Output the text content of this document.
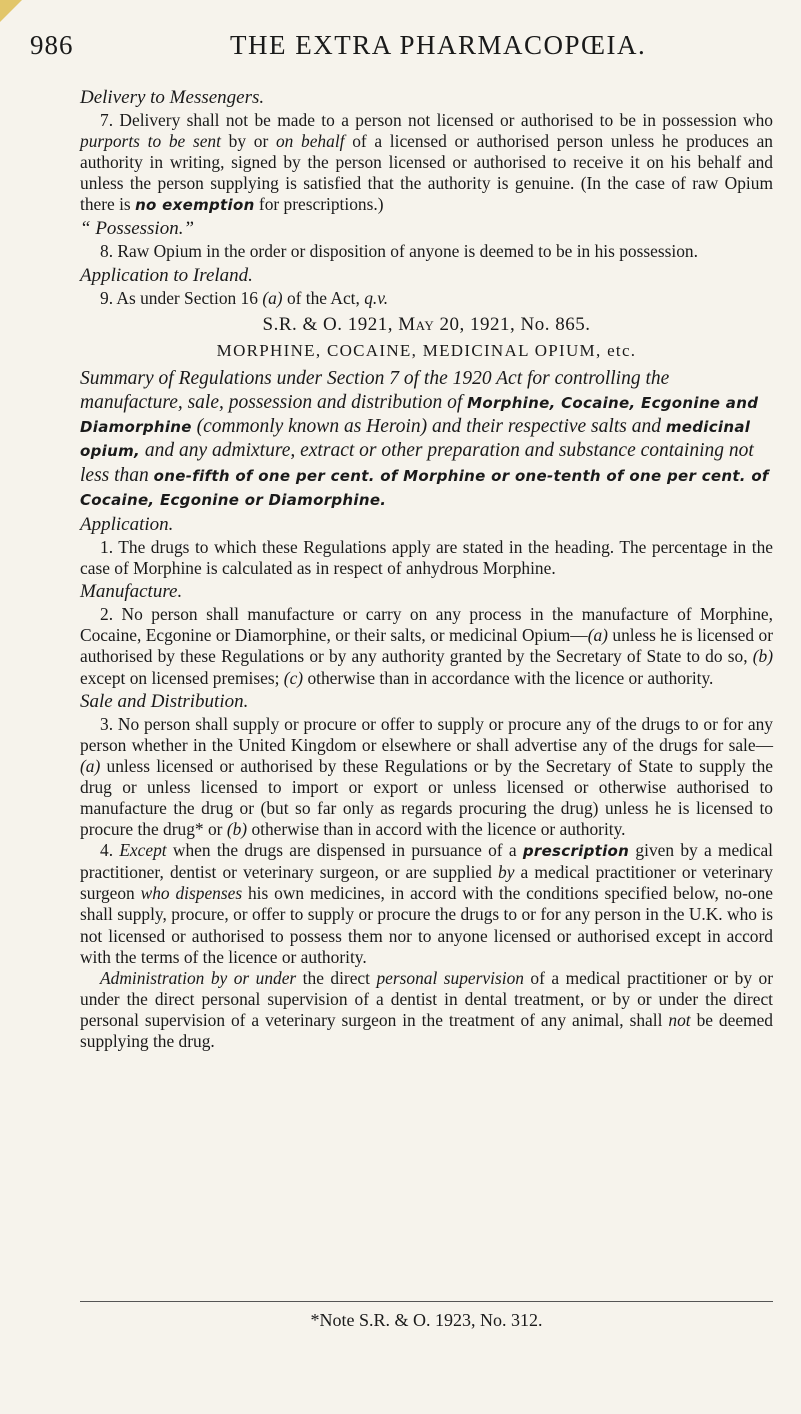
986	THE EXTRA PHARMACOPŒIA.

Delivery to Messengers.

7. Delivery shall not be made to a person not licensed or authorised to be in possession who purports to be sent by or on behalf of a licensed or authorised person unless he produces an authority in writing, signed by the person licensed or authorised to receive it on his behalf and unless the person supplying is satisfied that the authority is genuine. (In the case of raw Opium there is no exemption for prescriptions.)

“ Possession.”

8. Raw Opium in the order or disposition of anyone is deemed to be in his possession.

Application to Ireland.

9. As under Section 16 (a) of the Act, q.v.

S.R. & O. 1921, May 20, 1921, No. 865.

MORPHINE, COCAINE, MEDICINAL OPIUM, etc.

Summary of Regulations under Section 7 of the 1920 Act for controlling the manufacture, sale, possession and distribution of Morphine, Cocaine, Ecgonine and Diamorphine (commonly known as Heroin) and their respective salts and medicinal opium, and any admixture, extract or other preparation and substance containing not less than one-fifth of one per cent. of Morphine or one-tenth of one per cent. of Cocaine, Ecgonine or Diamorphine.

Application.

1. The drugs to which these Regulations apply are stated in the heading. The percentage in the case of Morphine is calculated as in respect of anhydrous Morphine.

Manufacture.

2. No person shall manufacture or carry on any process in the manufacture of Morphine, Cocaine, Ecgonine or Diamorphine, or their salts, or medicinal Opium—(a) unless he is licensed or authorised by these Regulations or by any authority granted by the Secretary of State to do so, (b) except on licensed premises; (c) otherwise than in accordance with the licence or authority.

Sale and Distribution.

3. No person shall supply or procure or offer to supply or procure any of the drugs to or for any person whether in the United Kingdom or elsewhere or shall advertise any of the drugs for sale—(a) unless licensed or authorised by these Regulations or by the Secretary of State to supply the drug or unless licensed to import or export or unless licensed or otherwise authorised to manufacture the drug or (but so far only as regards procuring the drug) unless he is licensed to procure the drug* or (b) otherwise than in accord with the licence or authority.

4. Except when the drugs are dispensed in pursuance of a prescription given by a medical practitioner, dentist or veterinary surgeon, or are supplied by a medical practitioner or veterinary surgeon who dispenses his own medicines, in accord with the conditions specified below, no-one shall supply, procure, or offer to supply or procure the drugs to or for any person in the U.K. who is not licensed or authorised to possess them nor to anyone licensed or authorised except in accord with the terms of the licence or authority.

Administration by or under the direct personal supervision of a medical practitioner or by or under the direct personal supervision of a dentist in dental treatment, or by or under the direct personal supervision of a veterinary surgeon in the treatment of any animal, shall not be deemed supplying the drug.

*Note S.R. & O. 1923, No. 312.
